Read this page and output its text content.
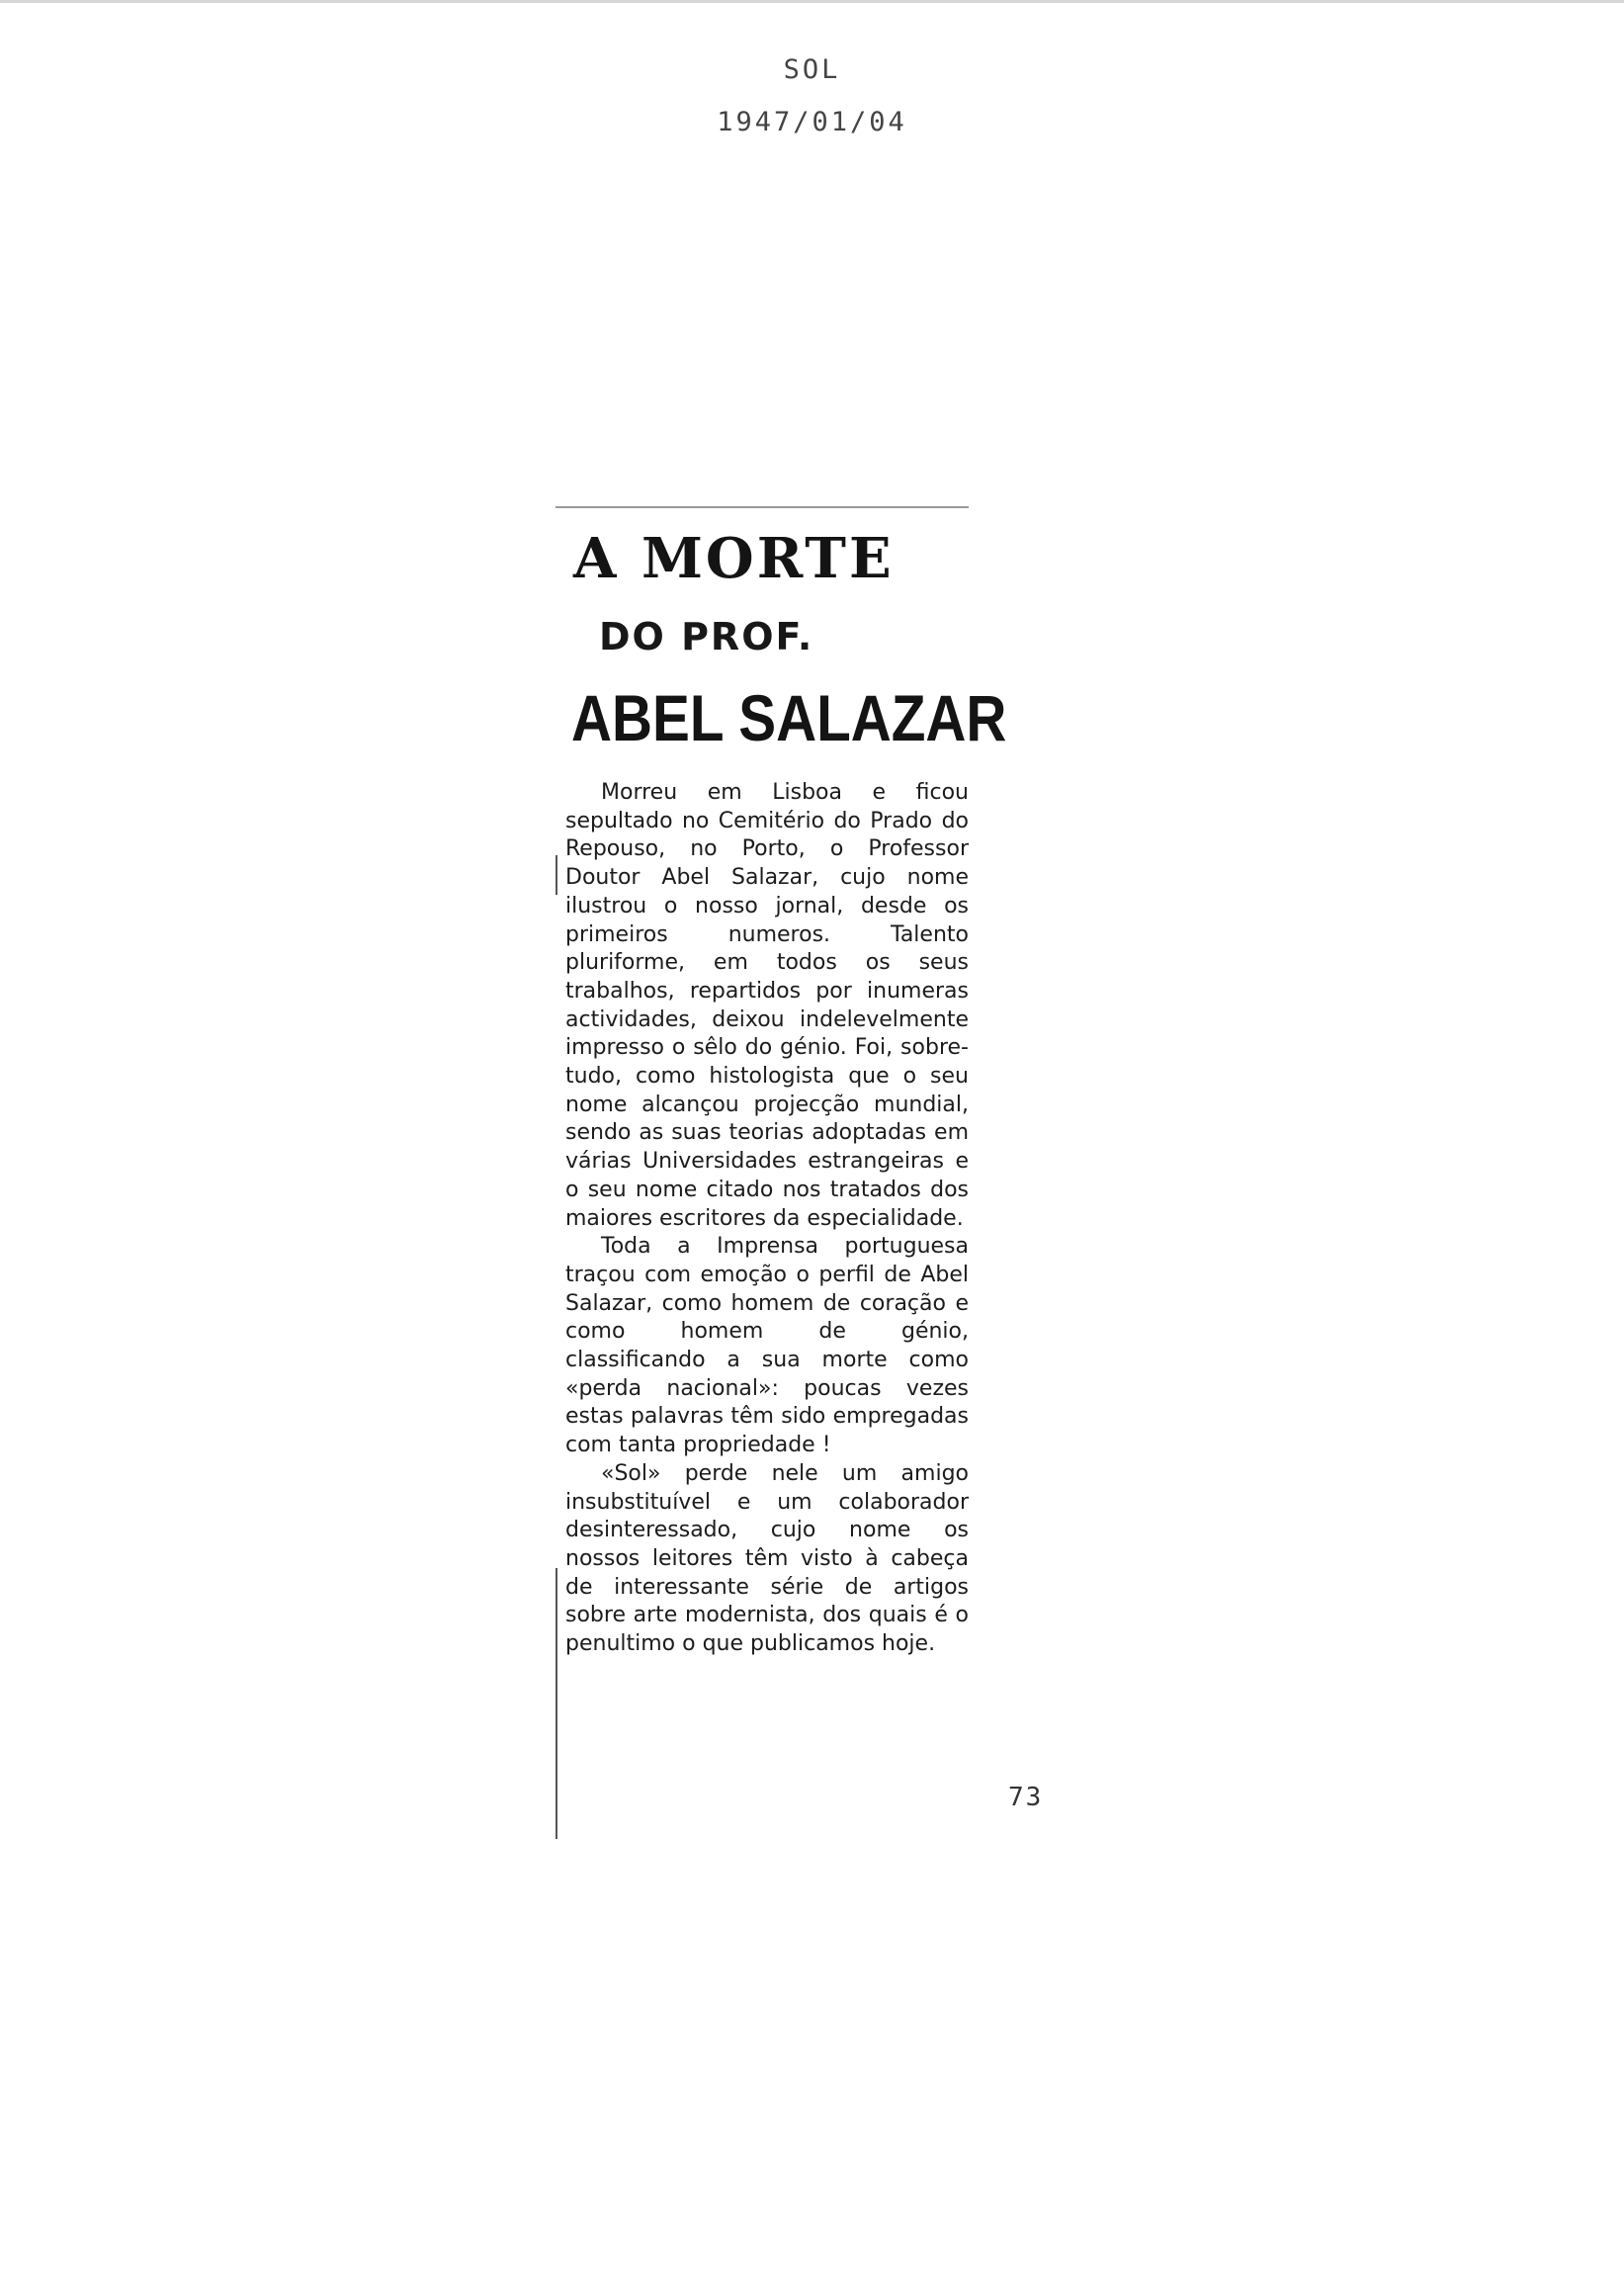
SOL
1947/01/04
A MORTE
DO PROF.
ABEL SALAZAR

Morreu em Lisboa e ficou sepultado no Cemitério do Prado do Repouso, no Porto, o Professor Doutor Abel Salazar, cujo nome ilustrou o nosso jornal, desde os primeiros numeros. Talento pluriforme, em todos os seus trabalhos, repartidos por inumeras actividades, deixou indelevelmente impresso o sêlo do génio. Foi, sobretudo, como histologista que o seu nome alcançou projecção mundial, sendo as suas teorias adoptadas em várias Universidades estrangeiras e o seu nome citado nos tratados dos maiores escritores da especialidade.

Toda a Imprensa portuguesa traçou com emoção o perfil de Abel Salazar, como homem de coração e como homem de génio, classificando a sua morte como «perda nacional»: poucas vezes estas palavras têm sido empregadas com tanta propriedade !

«Sol» perde nele um amigo insubstituível e um colaborador desinteressado, cujo nome os nossos leitores têm visto à cabeça de interessante série de artigos sobre arte modernista, dos quais é o penultimo o que publicamos hoje.

73
